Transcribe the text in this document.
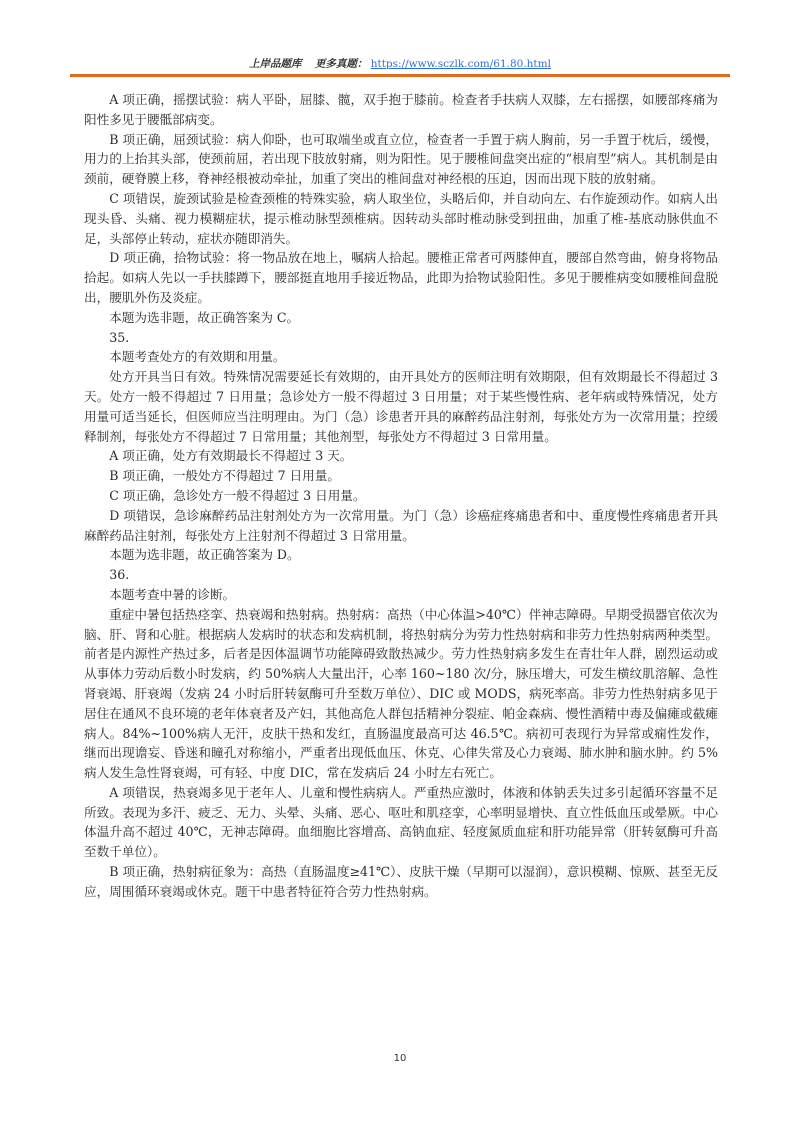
上岸品题库 更多真题： https://www.sczlk.com/61.80.html

A 项正确，摇摆试验：病人平卧，屈膝、髋，双手抱于膝前。检查者手扶病人双膝，左右摇摆，如腰部疼痛为阳性多见于腰骶部病变。

B 项正确，屈颈试验：病人仰卧，也可取端坐或直立位，检查者一手置于病人胸前，另一手置于枕后，缓慢，用力的上抬其头部，使颈前屈，若出现下肢放射痛，则为阳性。见于腰椎间盘突出症的“根肩型”病人。其机制是由颈前，硬脊膜上移，脊神经根被动牵扯，加重了突出的椎间盘对神经根的压迫，因而出现下肢的放射痛。

C 项错误，旋颈试验是检查颈椎的特殊实验，病人取坐位，头略后仰，并自动向左、右作旋颈动作。如病人出现头昏、头痛、视力模糊症状，提示椎动脉型颈椎病。因转动头部时椎动脉受到扭曲，加重了椎-基底动脉供血不足，头部停止转动，症状亦随即消失。

D 项正确，拾物试验：将一物品放在地上，嘱病人拾起。腰椎正常者可两膝伸直，腰部自然弯曲，俯身将物品拾起。如病人先以一手扶膝蹲下，腰部挺直地用手接近物品，此即为拾物试验阳性。多见于腰椎病变如腰椎间盘脱出，腰肌外伤及炎症。

本题为选非题，故正确答案为 C。

35.

本题考查处方的有效期和用量。

处方开具当日有效。特殊情况需要延长有效期的，由开具处方的医师注明有效期限，但有效期最长不得超过 3 天。处方一般不得超过 7 日用量；急诊处方一般不得超过 3 日用量；对于某些慢性病、老年病或特殊情况，处方用量可适当延长，但医师应当注明理由。为门（急）诊患者开具的麻醉药品注射剂，每张处方为一次常用量；控缓释制剂，每张处方不得超过 7 日常用量；其他剂型，每张处方不得超过 3 日常用量。

A 项正确，处方有效期最长不得超过 3 天。

B 项正确，一般处方不得超过 7 日用量。

C 项正确，急诊处方一般不得超过 3 日用量。

D 项错误，急诊麻醉药品注射剂处方为一次常用量。为门（急）诊癌症疼痛患者和中、重度慢性疼痛患者开具麻醉药品注射剂，每张处方上注射剂不得超过 3 日常用量。

本题为选非题，故正确答案为 D。

36.

本题考查中暑的诊断。

重症中暑包括热痉挛、热衰竭和热射病。热射病：高热（中心体温>40℃）伴神志障碍。早期受损器官依次为脑、肝、肾和心脏。根据病人发病时的状态和发病机制，将热射病分为劳力性热射病和非劳力性热射病两种类型。前者是内源性产热过多，后者是因体温调节功能障碍致散热减少。劳力性热射病多发生在青壮年人群，剧烈运动或从事体力劳动后数小时发病，约 50%病人大量出汗，心率 160~180 次/分，脉压增大，可发生横纹肌溶解、急性肾衰竭、肝衰竭（发病 24 小时后肝转氨酶可升至数万单位）、DIC 或 MODS，病死率高。非劳力性热射病多见于居住在通风不良环境的老年体衰者及产妇，其他高危人群包括精神分裂症、帕金森病、慢性酒精中毒及偏瘫或截瘫病人。84%~100%病人无汗，皮肤干热和发红，直肠温度最高可达 46.5℃。病初可表现行为异常或痫性发作，继而出现谵妄、昏迷和瞳孔对称缩小，严重者出现低血压、休克、心律失常及心力衰竭、肺水肿和脑水肿。约 5%病人发生急性肾衰竭，可有轻、中度 DIC，常在发病后 24 小时左右死亡。

A 项错误，热衰竭多见于老年人、儿童和慢性病病人。严重热应激时，体液和体钠丢失过多引起循环容量不足所致。表现为多汗、疲乏、无力、头晕、头痛、恶心、呕吐和肌痉挛，心率明显增快、直立性低血压或晕厥。中心体温升高不超过 40℃，无神志障碍。血细胞比容增高、高钠血症、轻度氮质血症和肝功能异常（肝转氨酶可升高至数千单位）。

B 项正确，热射病征象为：高热（直肠温度≥41℃）、皮肤干燥（早期可以湿润），意识模糊、惊厥、甚至无反应，周围循环衰竭或休克。题干中患者特征符合劳力性热射病。

10
